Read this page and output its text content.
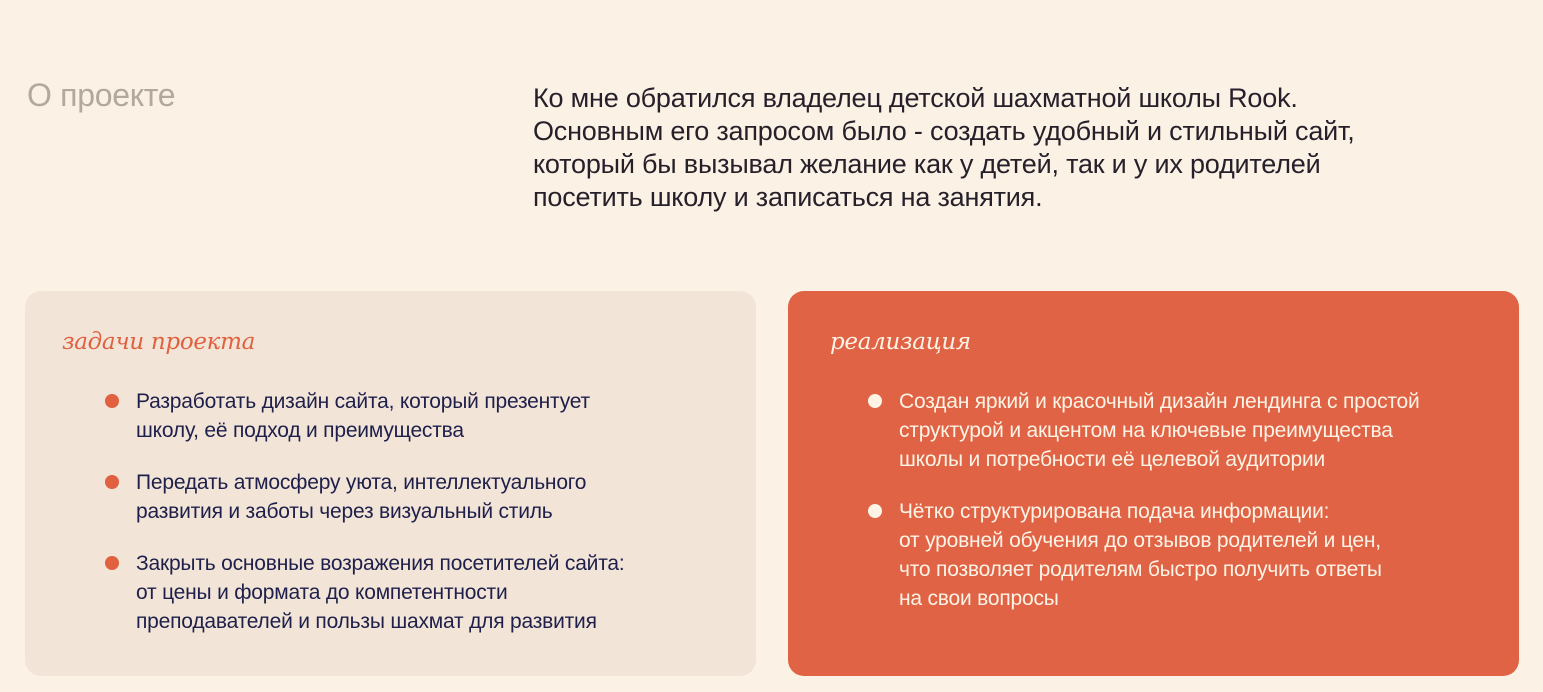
О проекте	Ко мне обратился владелец детской шахматной школы Rook.
Основным его запросом было - создать удобный и стильный сайт,
который бы вызывал желание как у детей, так и у их родителей
посетить школу и записаться на занятия.
задачи проекта
Разработать дизайн сайта, который презентует
школу, её подход и преимущества
Передать атмосферу уюта, интеллектуального
развития и заботы через визуальный стиль
Закрыть основные возражения посетителей сайта:
от цены и формата до компетентности
преподавателей и пользы шахмат для развития
реализация
Создан яркий и красочный дизайн лендинга с простой
структурой и акцентом на ключевые преимущества
школы и потребности её целевой аудитории
Чётко структурирована подача информации:
от уровней обучения до отзывов родителей и цен,
что позволяет родителям быстро получить ответы
на свои вопросы
